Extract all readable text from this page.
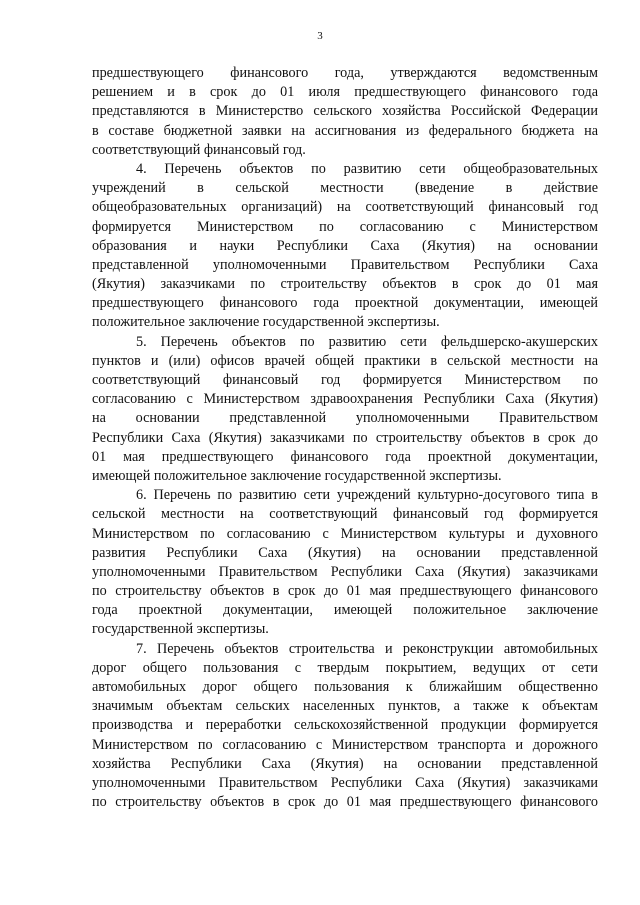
3
предшествующего финансового года, утверждаются ведомственным
решением и в срок до 01 июля предшествующего финансового года
представляются в Министерство сельского хозяйства Российской Федерации
в составе бюджетной заявки на ассигнования из федерального бюджета на
соответствующий финансовый год.
4. Перечень объектов по развитию сети общеобразовательных
учреждений в сельской местности (введение в действие
общеобразовательных организаций) на соответствующий финансовый год
формируется Министерством по согласованию с Министерством
образования и науки Республики Саха (Якутия) на основании
представленной уполномоченными Правительством Республики Саха
(Якутия) заказчиками по строительству объектов в срок до 01 мая
предшествующего финансового года проектной документации, имеющей
положительное заключение государственной экспертизы.
5. Перечень объектов по развитию сети фельдшерско-акушерских
пунктов и (или) офисов врачей общей практики в сельской местности на
соответствующий финансовый год формируется Министерством по
согласованию с Министерством здравоохранения Республики Саха (Якутия)
на основании представленной уполномоченными Правительством
Республики Саха (Якутия) заказчиками по строительству объектов в срок до
01 мая предшествующего финансового года проектной документации,
имеющей положительное заключение государственной экспертизы.
6. Перечень по развитию сети учреждений культурно-досугового типа в
сельской местности на соответствующий финансовый год формируется
Министерством по согласованию с Министерством культуры и духовного
развития Республики Саха (Якутия) на основании представленной
уполномоченными Правительством Республики Саха (Якутия) заказчиками
по строительству объектов в срок до 01 мая предшествующего финансового
года проектной документации, имеющей положительное заключение
государственной экспертизы.
7. Перечень объектов строительства и реконструкции автомобильных
дорог общего пользования с твердым покрытием, ведущих от сети
автомобильных дорог общего пользования к ближайшим общественно
значимым объектам сельских населенных пунктов, а также к объектам
производства и переработки сельскохозяйственной продукции формируется
Министерством по согласованию с Министерством транспорта и дорожного
хозяйства Республики Саха (Якутия) на основании представленной
уполномоченными Правительством Республики Саха (Якутия) заказчиками
по строительству объектов в срок до 01 мая предшествующего финансового
